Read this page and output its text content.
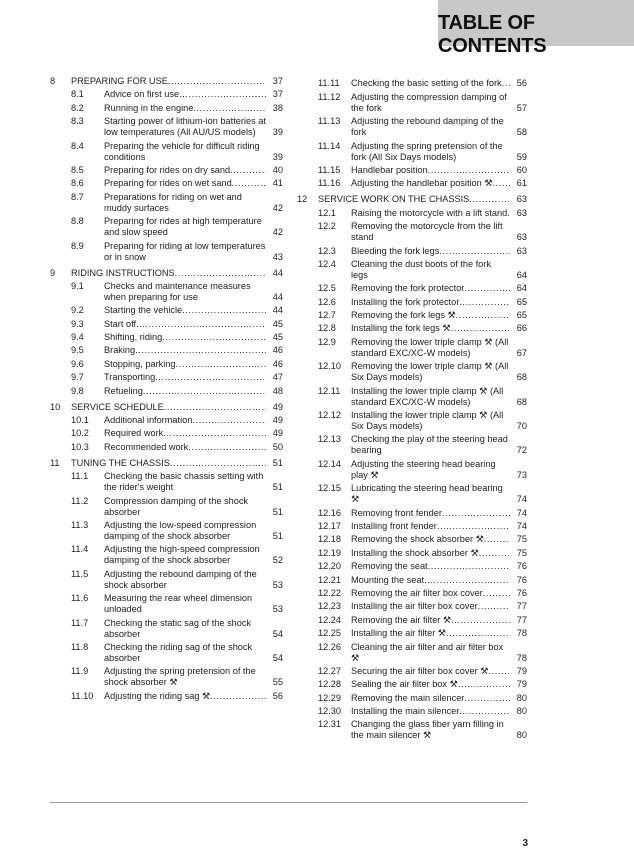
TABLE OF CONTENTS
8	PREPARING FOR USE .....	37
8.1	Advice on first use .....	37
8.2	Running in the engine .....	38
8.3	Starting power of lithium-ion batteries at low temperatures (All AU/US models)	39
8.4	Preparing the vehicle for difficult riding conditions	39
8.5	Preparing for rides on dry sand .....	40
8.6	Preparing for rides on wet sand .....	41
8.7	Preparations for riding on wet and muddy surfaces	42
8.8	Preparing for rides at high temperature and slow speed	42
8.9	Preparing for riding at low temperatures or in snow	43
9	RIDING INSTRUCTIONS .....	44
9.1	Checks and maintenance measures when preparing for use	44
9.2	Starting the vehicle .....	44
9.3	Start off .....	45
9.4	Shifting, riding .....	45
9.5	Braking .....	46
9.6	Stopping, parking .....	46
9.7	Transporting .....	47
9.8	Refueling .....	48
10	SERVICE SCHEDULE .....	49
10.1	Additional information .....	49
10.2	Required work .....	49
10.3	Recommended work .....	50
11	TUNING THE CHASSIS .....	51
11.1	Checking the basic chassis setting with the rider's weight	51
11.2	Compression damping of the shock absorber	51
11.3	Adjusting the low-speed compression damping of the shock absorber	51
11.4	Adjusting the high-speed compression damping of the shock absorber	52
11.5	Adjusting the rebound damping of the shock absorber	53
11.6	Measuring the rear wheel dimension unloaded	53
11.7	Checking the static sag of the shock absorber	54
11.8	Checking the riding sag of the shock absorber	54
11.9	Adjusting the spring pretension of the shock absorber ⚒	55
11.10	Adjusting the riding sag ⚒ .....	56
11.11	Checking the basic setting of the fork .....	56
11.12	Adjusting the compression damping of the fork	57
11.13	Adjusting the rebound damping of the fork	58
11.14	Adjusting the spring pretension of the fork (All Six Days models)	59
11.15	Handlebar position .....	60
11.16	Adjusting the handlebar position ⚒ .....	61
12	SERVICE WORK ON THE CHASSIS .....	63
12.1	Raising the motorcycle with a lift stand .....	63
12.2	Removing the motorcycle from the lift stand	63
12.3	Bleeding the fork legs .....	63
12.4	Cleaning the dust boots of the fork legs	64
12.5	Removing the fork protector .....	64
12.6	Installing the fork protector .....	65
12.7	Removing the fork legs ⚒ .....	65
12.8	Installing the fork legs ⚒ .....	66
12.9	Removing the lower triple clamp ⚒ (All standard EXC/XC-W models)	67
12.10	Removing the lower triple clamp ⚒ (All Six Days models)	68
12.11	Installing the lower triple clamp ⚒ (All standard EXC/XC-W models)	68
12.12	Installing the lower triple clamp ⚒ (All Six Days models)	70
12.13	Checking the play of the steering head bearing	72
12.14	Adjusting the steering head bearing play ⚒	73
12.15	Lubricating the steering head bearing ⚒	74
12.16	Removing front fender .....	74
12.17	Installing front fender .....	74
12.18	Removing the shock absorber ⚒ .....	75
12.19	Installing the shock absorber ⚒ .....	75
12.20	Removing the seat .....	76
12.21	Mounting the seat .....	76
12.22	Removing the air filter box cover .....	76
12.23	Installing the air filter box cover .....	77
12.24	Removing the air filter ⚒ .....	77
12.25	Installing the air filter ⚒ .....	78
12.26	Cleaning the air filter and air filter box ⚒	78
12.27	Securing the air filter box cover ⚒ .....	79
12.28	Sealing the air filter box ⚒ .....	79
12.29	Removing the main silencer .....	80
12.30	Installing the main silencer .....	80
12.31	Changing the glass fiber yarn filling in the main silencer ⚒	80
3
